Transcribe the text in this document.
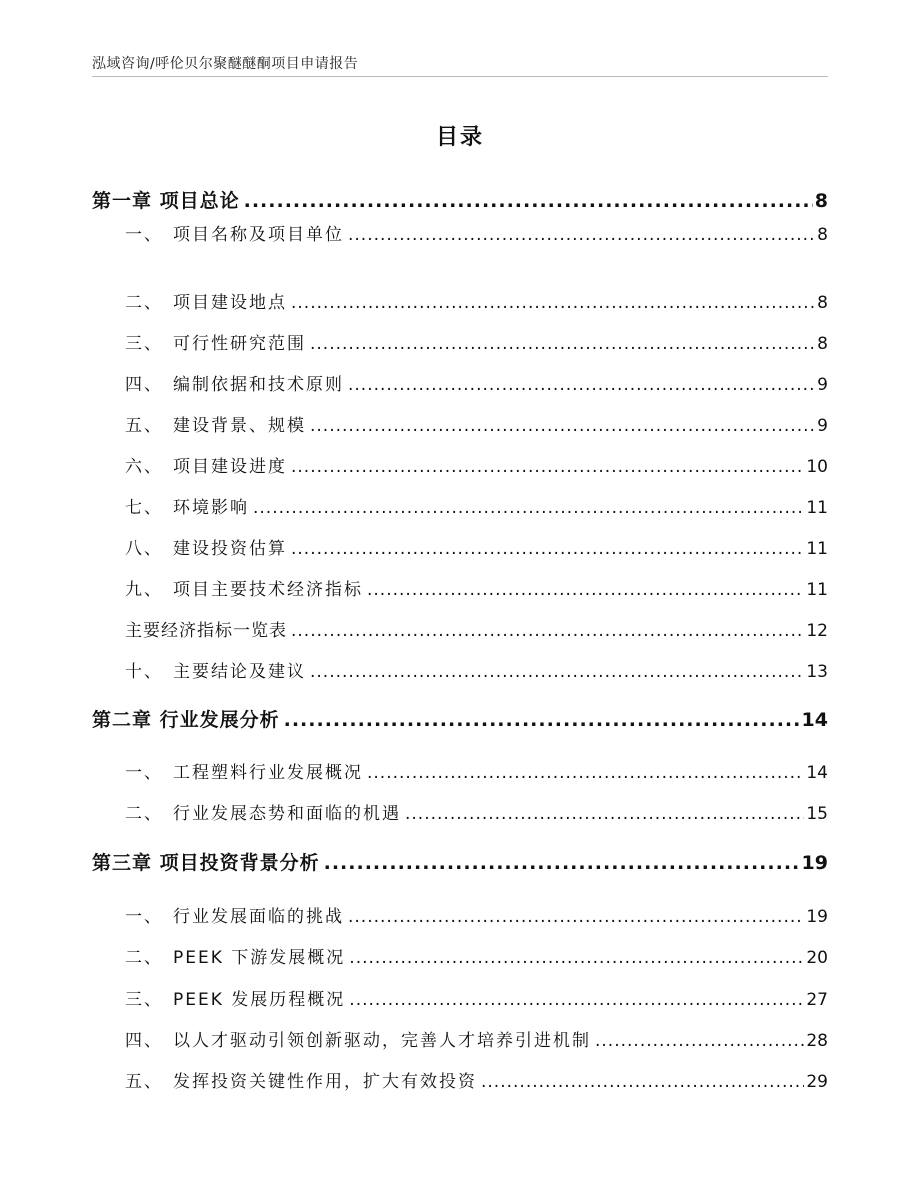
泓域咨询/呼伦贝尔聚醚醚酮项目申请报告
目录
第一章 项目总论 .....	8
一、 项目名称及项目单位 .....	8
二、 项目建设地点 .....	8
三、 可行性研究范围 .....	8
四、 编制依据和技术原则 .....	9
五、 建设背景、规模 .....	9
六、 项目建设进度 .....	10
七、 环境影响 .....	11
八、 建设投资估算 .....	11
九、 项目主要技术经济指标 .....	11
主要经济指标一览表 .....	12
十、 主要结论及建议 .....	13
第二章 行业发展分析 .....	14
一、 工程塑料行业发展概况 .....	14
二、 行业发展态势和面临的机遇 .....	15
第三章 项目投资背景分析 .....	19
一、 行业发展面临的挑战 .....	19
二、 PEEK 下游发展概况 .....	20
三、 PEEK 发展历程概况 .....	27
四、 以人才驱动引领创新驱动，完善人才培养引进机制 .....	28
五、 发挥投资关键性作用，扩大有效投资 .....	29
